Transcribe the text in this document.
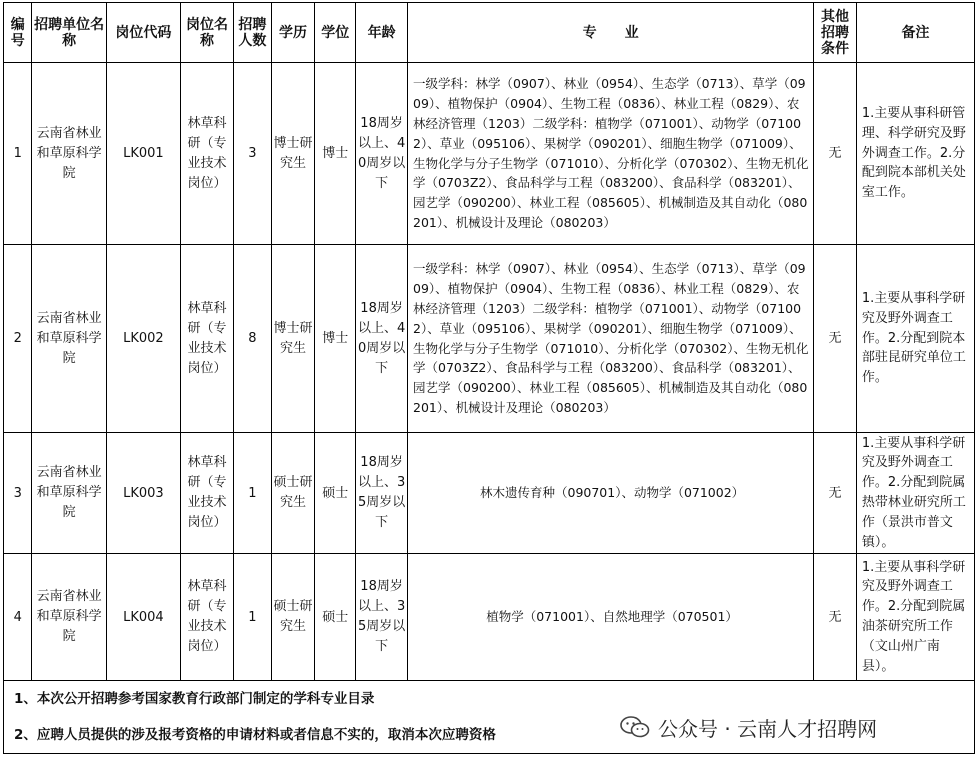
编号	招聘单位名称	岗位代码	岗位名称	招聘人数	学历	学位	年龄	专　　业	其他招聘条件	备注
1	云南省林业和草原科学院	LK001	林草科研（专业技术岗位）	3	博士研究生	博士	18周岁以上、40周岁以下	一级学科：林学（0907）、林业（0954）、生态学（0713）、草学（0909）、植物保护（0904）、生物工程（0836）、林业工程（0829）、农林经济管理（1203）二级学科：植物学（071001）、动物学（071002）、草业（095106）、果树学（090201）、细胞生物学（071009）、生物化学与分子生物学（071010）、分析化学（070302）、生物无机化学（0703Z2）、食品科学与工程（083200）、食品科学（083201）、园艺学（090200）、林业工程（085605）、机械制造及其自动化（080201）、机械设计及理论（080203）	无	1.主要从事科研管理、科学研究及野外调查工作。2.分配到院本部机关处室工作。
2	云南省林业和草原科学院	LK002	林草科研（专业技术岗位）	8	博士研究生	博士	18周岁以上、40周岁以下	一级学科：林学（0907）、林业（0954）、生态学（0713）、草学（0909）、植物保护（0904）、生物工程（0836）、林业工程（0829）、农林经济管理（1203）二级学科：植物学（071001）、动物学（071002）、草业（095106）、果树学（090201）、细胞生物学（071009）、生物化学与分子生物学（071010）、分析化学（070302）、生物无机化学（0703Z2）、食品科学与工程（083200）、食品科学（083201）、园艺学（090200）、林业工程（085605）、机械制造及其自动化（080201）、机械设计及理论（080203）	无	1.主要从事科学研究及野外调查工作。2.分配到院本部驻昆研究单位工作。
3	云南省林业和草原科学院	LK003	林草科研（专业技术岗位）	1	硕士研究生	硕士	18周岁以上、35周岁以下	林木遗传育种（090701）、动物学（071002）	无	1.主要从事科学研究及野外调查工作。2.分配到院属热带林业研究所工作（景洪市普文镇）。
4	云南省林业和草原科学院	LK004	林草科研（专业技术岗位）	1	硕士研究生	硕士	18周岁以上、35周岁以下	植物学（071001）、自然地理学（070501）	无	1.主要从事科学研究及野外调查工作。2.分配到院属油茶研究所工作（文山州广南县）。

1、本次公开招聘参考国家教育行政部门制定的学科专业目录
2、应聘人员提供的涉及报考资格的申请材料或者信息不实的，取消本次应聘资格											公众号 · 云南人才招聘网
